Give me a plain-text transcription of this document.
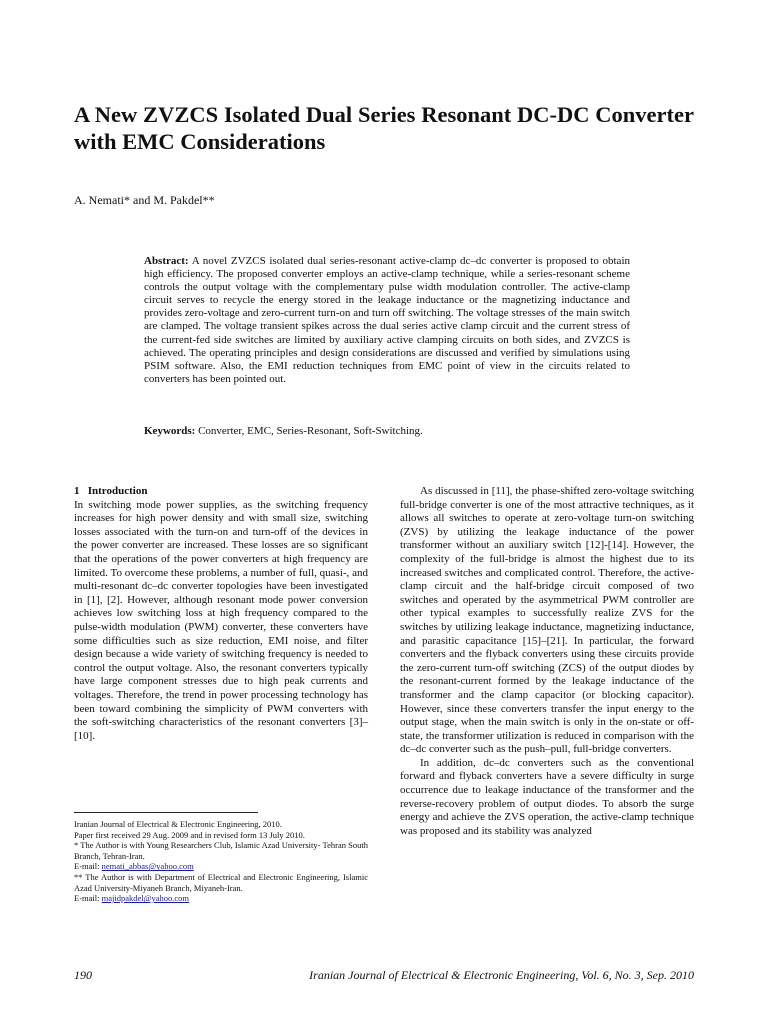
A New ZVZCS Isolated Dual Series Resonant DC-DC Converter with EMC Considerations

A. Nemati* and M. Pakdel**

Abstract: A novel ZVZCS isolated dual series-resonant active-clamp dc–dc converter is proposed to obtain high efficiency. The proposed converter employs an active-clamp technique, while a series-resonant scheme controls the output voltage with the complementary pulse width modulation controller. The active-clamp circuit serves to recycle the energy stored in the leakage inductance or the magnetizing inductance and provides zero-voltage and zero-current turn-on and turn off switching. The voltage stresses of the main switch are clamped. The voltage transient spikes across the dual series active clamp circuit and the current stress of the current-fed side switches are limited by auxiliary active clamping circuits on both sides, and ZVZCS is achieved. The operating principles and design considerations are discussed and verified by simulations using PSIM software. Also, the EMI reduction techniques from EMC point of view in the circuits related to converters has been pointed out.

Keywords: Converter, EMC, Series-Resonant, Soft-Switching.

1   Introduction

In switching mode power supplies, as the switching frequency increases for high power density and with small size, switching losses associated with the turn-on and turn-off of the devices in the power converter are increased. These losses are so significant that the operations of the power converters at high frequency are limited. To overcome these problems, a number of full, quasi-, and multi-resonant dc–dc converter topologies have been investigated in [1], [2]. However, although resonant mode power conversion achieves low switching loss at high frequency compared to the pulse-width modulation (PWM) converter, these converters have some difficulties such as size reduction, EMI noise, and filter design because a wide variety of switching frequency is needed to control the output voltage. Also, the resonant converters typically have large component stresses due to high peak currents and voltages. Therefore, the trend in power processing technology has been toward combining the simplicity of PWM converters with the soft-switching characteristics of the resonant converters [3]–[10].

As discussed in [11], the phase-shifted zero-voltage switching full-bridge converter is one of the most attractive techniques, as it allows all switches to operate at zero-voltage turn-on switching (ZVS) by utilizing the leakage inductance of the power transformer without an auxiliary switch [12]-[14]. However, the complexity of the full-bridge is almost the highest due to its increased switches and complicated control. Therefore, the active-clamp circuit and the half-bridge circuit composed of two switches and operated by the asymmetrical PWM controller are other typical examples to successfully realize ZVS for the switches by utilizing leakage inductance, magnetizing inductance, and parasitic capacitance [15]–[21]. In particular, the forward converters and the flyback converters using these circuits provide the zero-current turn-off switching (ZCS) of the output diodes by the resonant-current formed by the leakage inductance of the transformer and the clamp capacitor (or blocking capacitor). However, since these converters transfer the input energy to the output stage, when the main switch is only in the on-state or off-state, the transformer utilization is reduced in comparison with the dc–dc converter such as the push–pull, full-bridge converters.

In addition, dc–dc converters such as the conventional forward and flyback converters have a severe difficulty in surge occurrence due to leakage inductance of the transformer and the reverse-recovery problem of output diodes. To absorb the surge energy and achieve the ZVS operation, the active-clamp technique was proposed and its stability was analyzed

Iranian Journal of Electrical & Electronic Engineering, 2010.

Paper first received 29 Aug. 2009 and in revised form 13 July 2010.

* The Author is with Young Researchers Club, Islamic Azad University- Tehran South Branch, Tehran-Iran.

E-mail: nemati_abbas@yahoo.com

** The Author is with Department of Electrical and Electronic Engineering, Islamic Azad University-Miyaneh Branch, Miyaneh-Iran.

E-mail: majidpakdel@yahoo.com

190	Iranian Journal of Electrical & Electronic Engineering, Vol. 6, No. 3, Sep. 2010
